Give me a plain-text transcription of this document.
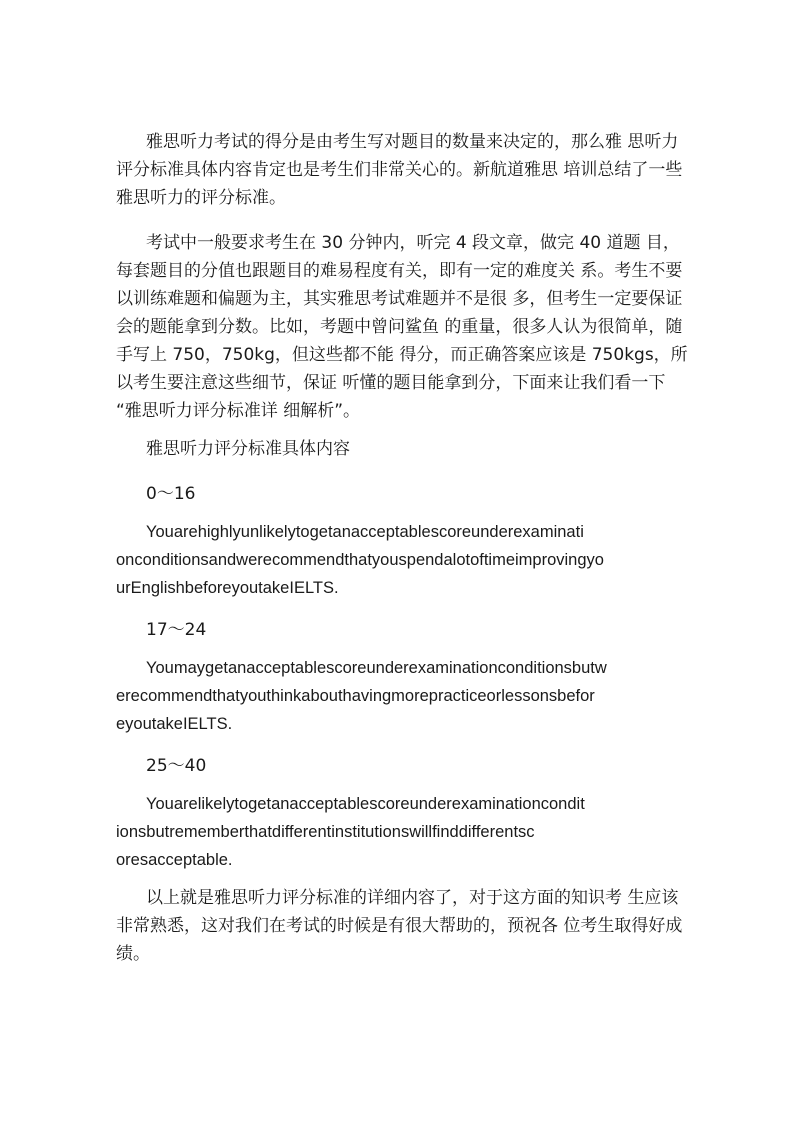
雅思听力考试的得分是由考生写对题目的数量来决定的，那么雅 思听力
评分标准具体内容肯定也是考生们非常关心的。新航道雅思 培训总结了一些
雅思听力的评分标准。
考试中一般要求考生在 30 分钟内，听完 4 段文章，做完 40 道题 目，
每套题目的分值也跟题目的难易程度有关，即有一定的难度关 系。考生不要
以训练难题和偏题为主，其实雅思考试难题并不是很 多，但考生一定要保证
会的题能拿到分数。比如，考题中曾问鲨鱼 的重量，很多人认为很简单，随
手写上 750，750kg，但这些都不能 得分，而正确答案应该是 750kgs，所
以考生要注意这些细节，保证 听懂的题目能拿到分，下面来让我们看一下
“雅思听力评分标准详 细解析”。
雅思听力评分标准具体内容
0～16
Youarehighlyunlikelytogetanacceptablescoreunderexaminati
onconditionsandwerecommendthatyouspendalotoftimeimprovingyo
urEnglishbeforeyoutakeIELTS.
17～24
Youmaygetanacceptablescoreunderexaminationconditionsbutw
erecommendthatyouthinkabouthavingmorepracticeorlessonsbefor
eyoutakeIELTS.
25～40
Youarelikelytogetanacceptablescoreunderexaminationcondit
ionsbutrememberthatdifferentinstitutionswillfinddifferentsc
oresacceptable.
以上就是雅思听力评分标准的详细内容了，对于这方面的知识考 生应该
非常熟悉，这对我们在考试的时候是有很大帮助的，预祝各 位考生取得好成
绩。
